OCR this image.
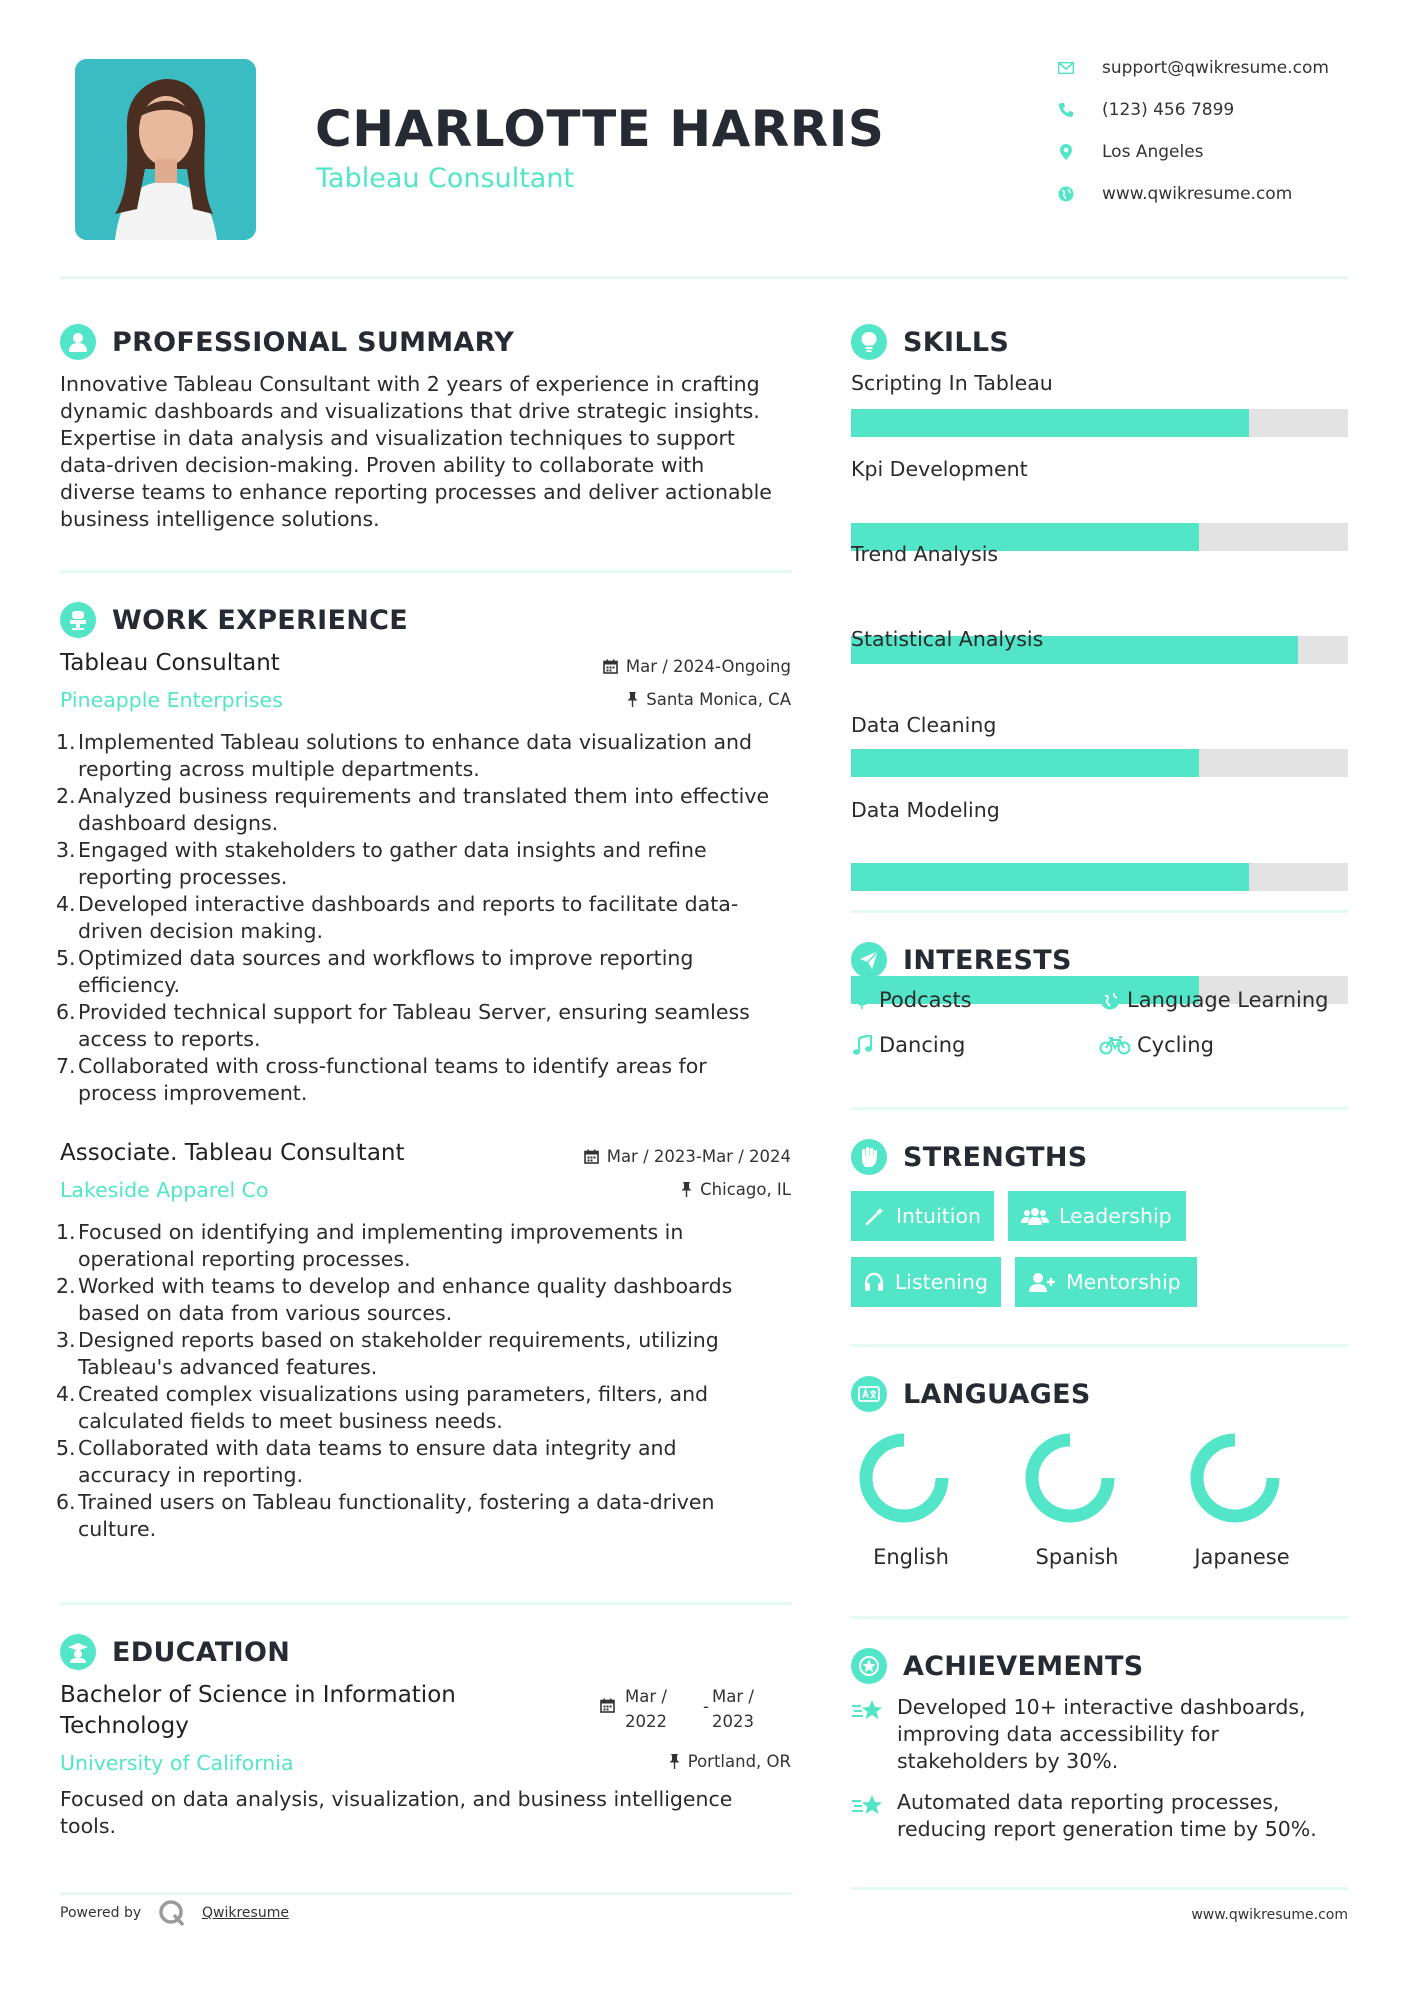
CHARLOTTE HARRIS
Tableau Consultant
support@qwikresume.com
(123) 456 7899
Los Angeles
www.qwikresume.com
PROFESSIONAL SUMMARY
Innovative Tableau Consultant with 2 years of experience in crafting
dynamic dashboards and visualizations that drive strategic insights.
Expertise in data analysis and visualization techniques to support
data-driven decision-making. Proven ability to collaborate with
diverse teams to enhance reporting processes and deliver actionable
business intelligence solutions.
WORK EXPERIENCE
Tableau Consultant
Pineapple Enterprises
Mar / 2024-Ongoing
Santa Monica, CA
1. Implemented Tableau solutions to enhance data visualization and
reporting across multiple departments.
2. Analyzed business requirements and translated them into effective
dashboard designs.
3. Engaged with stakeholders to gather data insights and refine
reporting processes.
4. Developed interactive dashboards and reports to facilitate data-
driven decision making.
5. Optimized data sources and workflows to improve reporting
efficiency.
6. Provided technical support for Tableau Server, ensuring seamless
access to reports.
7. Collaborated with cross-functional teams to identify areas for
process improvement.
Associate. Tableau Consultant
Lakeside Apparel Co
Mar / 2023-Mar / 2024
Chicago, IL
1. Focused on identifying and implementing improvements in
operational reporting processes.
2. Worked with teams to develop and enhance quality dashboards
based on data from various sources.
3. Designed reports based on stakeholder requirements, utilizing
Tableau's advanced features.
4. Created complex visualizations using parameters, filters, and
calculated fields to meet business needs.
5. Collaborated with data teams to ensure data integrity and
accuracy in reporting.
6. Trained users on Tableau functionality, fostering a data-driven
culture.
EDUCATION
Bachelor of Science in Information
Technology
University of California
Mar /
2022
-
Mar /
2023
Portland, OR
Focused on data analysis, visualization, and business intelligence
tools.
Powered by	Qwikresume
SKILLS
Scripting In Tableau
Kpi Development
Trend Analysis
Statistical Analysis
Data Cleaning
Data Modeling
INTERESTS
Podcasts	Language Learning
Dancing	Cycling
STRENGTHS
Intuition	Leadership
Listening	Mentorship
LANGUAGES
English	Spanish	Japanese
ACHIEVEMENTS
Developed 10+ interactive dashboards,
improving data accessibility for
stakeholders by 30%.
Automated data reporting processes,
reducing report generation time by 50%.
www.qwikresume.com
